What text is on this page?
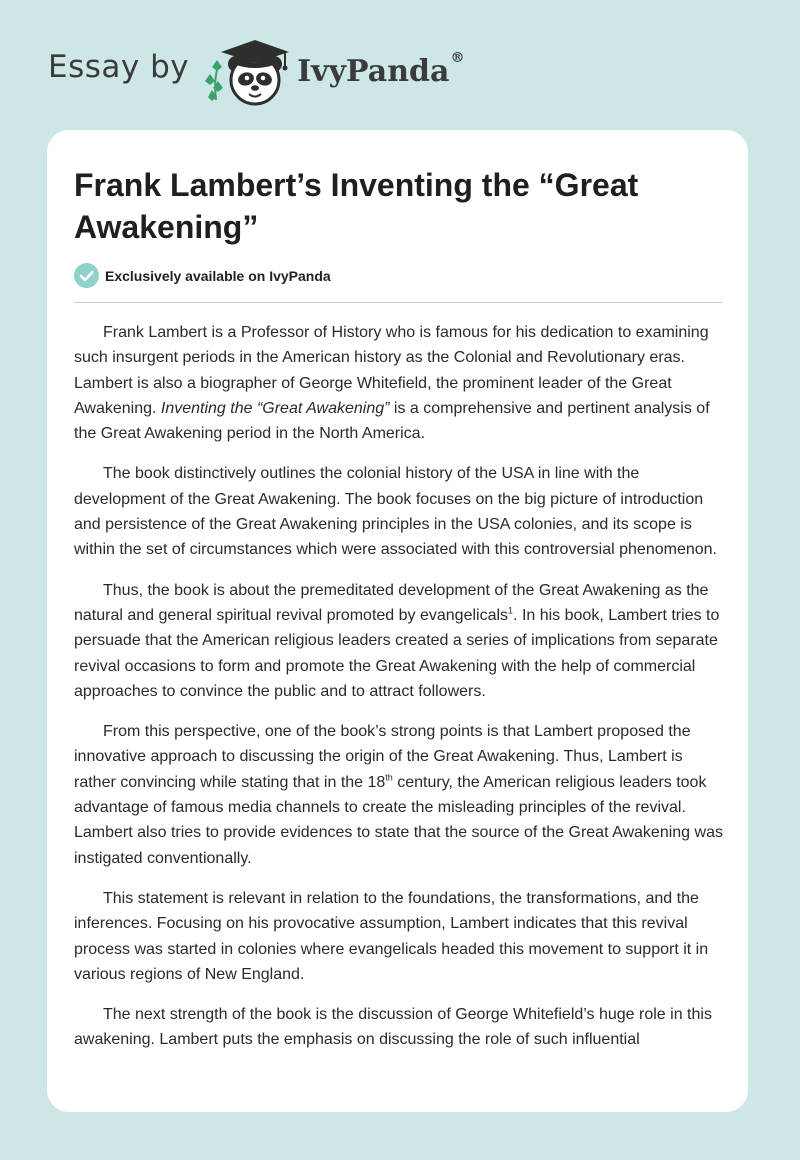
Essay by	IvyPanda®
Frank Lambert’s Inventing the “Great Awakening”
Exclusively available on IvyPanda

Frank Lambert is a Professor of History who is famous for his dedication to examining such insurgent periods in the American history as the Colonial and Revolutionary eras. Lambert is also a biographer of George Whitefield, the prominent leader of the Great Awakening. Inventing the “Great Awakening” is a comprehensive and pertinent analysis of the Great Awakening period in the North America.

The book distinctively outlines the colonial history of the USA in line with the development of the Great Awakening. The book focuses on the big picture of introduction and persistence of the Great Awakening principles in the USA colonies, and its scope is within the set of circumstances which were associated with this controversial phenomenon.

Thus, the book is about the premeditated development of the Great Awakening as the natural and general spiritual revival promoted by evangelicals$^1$. In his book, Lambert tries to persuade that the American religious leaders created a series of implications from separate revival occasions to form and promote the Great Awakening with the help of commercial approaches to convince the public and to attract followers.

From this perspective, one of the book’s strong points is that Lambert proposed the innovative approach to discussing the origin of the Great Awakening. Thus, Lambert is rather convincing while stating that in the 18th century, the American religious leaders took advantage of famous media channels to create the misleading principles of the revival. Lambert also tries to provide evidences to state that the source of the Great Awakening was instigated conventionally.

This statement is relevant in relation to the foundations, the transformations, and the inferences. Focusing on his provocative assumption, Lambert indicates that this revival process was started in colonies where evangelicals headed this movement to support it in various regions of New England.

The next strength of the book is the discussion of George Whitefield’s huge role in this awakening. Lambert puts the emphasis on discussing the role of such influential
